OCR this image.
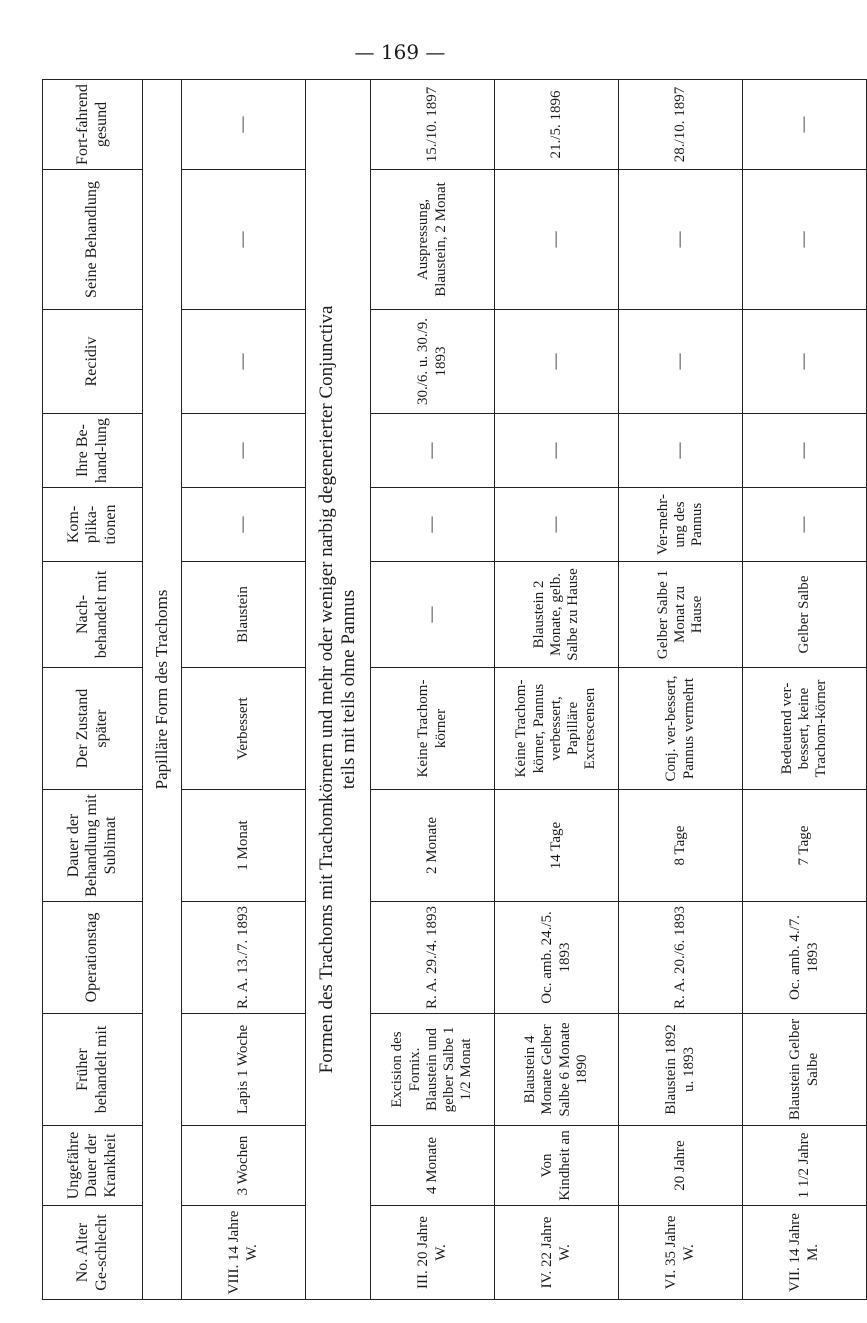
— 169 —
No. Alter Ge-schlecht	Ungefähre Dauer der Krankheit	Früher behandelt mit	Operationstag	Dauer der Behandlung mit Sublimat	Der Zustand später	Nach-behandelt mit	Kom-plika-tionen	Ihre Be-hand-lung	Recidiv	Seine Behandlung	Fort-fahrend gesund
Papilläre Form des Trachoms											
VIII. 14 Jahre W.	3 Wochen	Lapis 1 Woche	R. A. 13./7. 1893	1 Monat	Verbessert	Blaustein	—	—	—	—	—

Formen des Trachoms mit Trachomkörnern und mehr oder weniger narbig degenerierter Conjunctiva teils mit teils ohne Pannus											

III. 20 Jahre W.	4 Monate	Excision des Fornix. Blaustein und gelber Salbe 1 1/2 Monat	R. A. 29./4. 1893	2 Monate	Keine Trachom-körner	—	—	—	30./6. u. 30./9. 1893	Auspressung, Blaustein, 2 Monat	15./10. 1897
IV. 22 Jahre W.	Von Kindheit an	Blaustein 4 Monate Gelber Salbe 6 Monate 1890	Oc. amb. 24./5. 1893	14 Tage	Keine Trachom-körner, Pannus verbessert, Papilläre Excrescensen	Blaustein 2 Monate, gelb. Salbe zu Hause	—	—	—	—	21./5. 1896
VI. 35 Jahre W.	20 Jahre	Blaustein 1892 u. 1893	R. A. 20./6. 1893	8 Tage	Conj. ver-bessert, Pannus vermehrt	Gelber Salbe 1 Monat zu Hause	Ver-mehr-ung des Pannus	—	—	—	28./10. 1897
VII. 14 Jahre M.	1 1/2 Jahre	Blaustein Gelber Salbe	Oc. amb. 4./7. 1893	7 Tage	Bedeutend ver-bessert, keine Trachom-körner	Gelber Salbe	—	—	—	—	—
